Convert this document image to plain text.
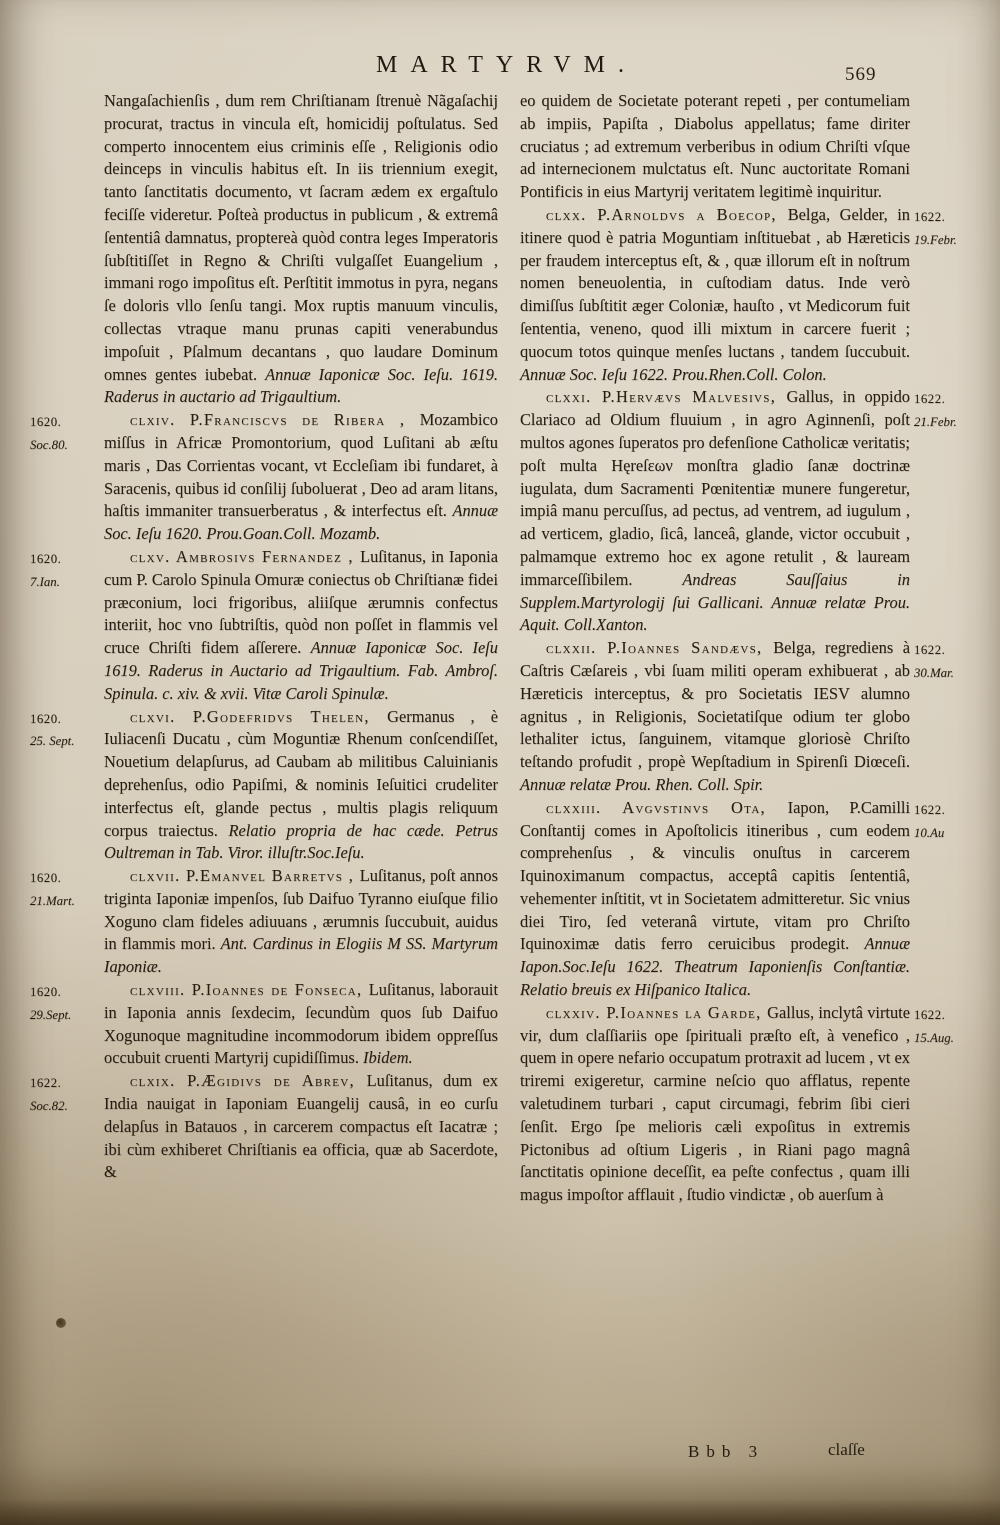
MARTYRVM.	569

Nangaſachienſis , dum rem Chriſtianam ſtrenuè Nãgaſachij procurat, tractus in vincula eſt, homicidij poſtulatus. Sed comperto innocentem eius criminis eſſe , Religionis odio deinceps in vinculis habitus eſt. In iis triennium exegit, tanto ſanctitatis documento, vt ſacram ædem ex ergaſtulo feciſſe videretur. Poſteà productus in publicum , & extremâ ſententiâ damnatus, proptereà quòd contra leges Imperatoris ſubſtitiſſet in Regno & Chriſti vulgaſſet Euangelium , immani rogo impoſitus eſt. Perſtitit immotus in pyra, negans ſe doloris vllo ſenſu tangi. Mox ruptis manuum vinculis, collectas vtraque manu prunas capiti venerabundus impoſuit , Pſalmum decantans , quo laudare Dominum omnes gentes iubebat. Annuæ Iaponicæ Soc. Ieſu. 1619. Raderus in auctario ad Trigaultium.

1620.
Soc.80.

clxiv. P.Franciscvs de Ribera , Mozambico miſſus in Africæ Promontorium, quod Luſitani ab æſtu maris , Das Corrientas vocant, vt Eccleſiam ibi fundaret, à Saracenis, quibus id conſilij ſuboluerat , Deo ad aram litans, haſtis immaniter transuerberatus , & interfectus eſt. Annuæ Soc. Ieſu 1620. Prou.Goan.Coll. Mozamb.

1620.
7.Ian.

clxv. Ambrosivs Fernandez , Luſitanus, in Iaponia cum P. Carolo Spinula Omuræ coniectus ob Chriſtianæ fidei præconium, loci frigoribus, aliiſque ærumnis confectus interiit, hoc vno ſubtriſtis, quòd non poſſet in flammis vel cruce Chriſti fidem aſſerere. Annuæ Iaponicæ Soc. Ieſu 1619. Raderus in Auctario ad Trigaultium. Fab. Ambroſ. Spinula. c. xiv. & xvii. Vitæ Caroli Spinulæ.

1620.
25. Sept.

clxvi. P.Godefridvs Thelen, Germanus , è Iuliacenſi Ducatu , cùm Moguntiæ Rhenum conſcendiſſet, Nouetium delapſurus, ad Caubam ab militibus Caluinianis deprehenſus, odio Papiſmi, & nominis Ieſuitici crudeliter interfectus eſt, glande pectus , multis plagis reliquum corpus traiectus. Relatio propria de hac cæde. Petrus Oultreman in Tab. Viror. illuſtr.Soc.Ieſu.

1620.
21.Mart.

clxvii. P.Emanvel Barretvs , Luſitanus, poſt annos triginta Iaponiæ impenſos, ſub Daifuo Tyranno eiuſque filio Xoguno clam fideles adiuuans , ærumnis ſuccubuit, auidus in flammis mori. Ant. Cardinus in Elogiis M SS. Martyrum Iaponiæ.

1620.
29.Sept.

clxviii. P.Ioannes de Fonseca, Luſitanus, laborauit in Iaponia annis ſexdecim, ſecundùm quos ſub Daifuo Xogunoque magnitudine incommodorum ibidem oppreſſus occubuit cruenti Martyrij cupidiſſimus. Ibidem.

1622.
Soc.82.

clxix. P.Ægidivs de Abrev, Luſitanus, dum ex India nauigat in Iaponiam Euangelij causâ, in eo curſu delapſus in Batauos , in carcerem compactus eſt Iacatræ ; ibi cùm exhiberet Chriſtianis ea officia, quæ ab Sacerdote, &

eo quidem de Societate poterant repeti , per contumeliam ab impiis, Papiſta , Diabolus appellatus; fame diriter cruciatus ; ad extremum verberibus in odium Chriſti vſque ad internecionem mulctatus eſt. Nunc auctoritate Romani Pontificis in eius Martyrij veritatem legitimè inquiritur.

1622.
19.Febr.

clxx. P.Arnoldvs a Boecop, Belga, Gelder, in itinere quod è patria Moguntiam inſtituebat , ab Hæreticis per fraudem interceptus eſt, & , quæ illorum eſt in noſtrum nomen beneuolentia, in cuſtodiam datus. Inde verò dimiſſus ſubſtitit æger Coloniæ, hauſto , vt Medicorum fuit ſententia, veneno, quod illi mixtum in carcere fuerit ; quocum totos quinque menſes luctans , tandem ſuccubuit. Annuæ Soc. Ieſu 1622. Prou.Rhen.Coll. Colon.

1622.
21.Febr.

clxxi. P.Hervævs Malvesivs, Gallus, in oppido Clariaco ad Oldium fluuium , in agro Aginnenſi, poſt multos agones ſuperatos pro defenſione Catholicæ veritatis; poſt multa Hęreſεων monſtra gladio ſanæ doctrinæ iugulata, dum Sacramenti Pœnitentiæ munere fungeretur, impiâ manu percuſſus, ad pectus, ad ventrem, ad iugulum , ad verticem, gladio, ſicâ, lanceâ, glande, victor occubuit , palmamque extremo hoc ex agone retulit , & lauream immarceſſibilem. Andreas Sauſſaius in Supplem.Martyrologij ſui Gallicani. Annuæ relatæ Prou. Aquit. Coll.Xanton.

1622.
30.Mar.

clxxii. P.Ioannes Sandævs, Belga, regrediens à Caſtris Cæſareis , vbi ſuam militi operam exhibuerat , ab Hæreticis interceptus, & pro Societatis IESV alumno agnitus , in Religionis, Societatiſque odium ter globo lethaliter ictus, ſanguinem, vitamque gloriosè Chriſto teſtando profudit , propè Wepſtadium in Spirenſi Diœceſi. Annuæ relatæ Prou. Rhen. Coll. Spir.

1622.
10.Au

clxxiii. Avgvstinvs Ota, Iapon, P.Camilli Conſtantij comes in Apoſtolicis itineribus , cum eodem comprehenſus , & vinculis onuſtus in carcerem Iquinoximanum compactus, acceptâ capitis ſententiâ, vehementer inſtitit, vt in Societatem admitteretur. Sic vnius diei Tiro, ſed veteranâ virtute, vitam pro Chriſto Iquinoximæ datis ferro ceruicibus prodegit. Annuæ Iapon.Soc.Ieſu 1622. Theatrum Iaponienſis Conſtantiæ. Relatio breuis ex Hiſpanico Italica.

1622.
15.Aug.

clxxiv. P.Ioannes la Garde, Gallus, inclytâ virtute vir, dum claſſiariis ope ſpirituali præſto eſt, à venefico , quem in opere nefario occupatum protraxit ad lucem , vt ex triremi exigeretur, carmine neſcio quo afflatus, repente valetudinem turbari , caput circumagi, febrim ſibi cieri ſenſit. Ergo ſpe melioris cæli expoſitus in extremis Pictonibus ad oſtium Ligeris , in Riani pago magnâ ſanctitatis opinione deceſſit, ea peſte confectus , quam illi magus impoſtor afflauit , ſtudio vindictæ , ob auerſum à

Bbb 3	claſſe
